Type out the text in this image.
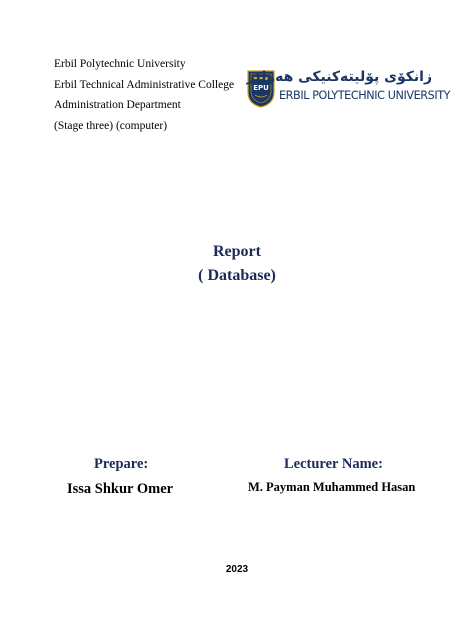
Erbil Polytechnic University
Erbil Technical Administrative College
Administration Department
(Stage three) (computer)
EPU
زانكۆی پۆلیتەكنیكی هەولێر
ERBIL POLYTECHNIC UNIVERSITY
Report
( Database)
Prepare:
Issa Shkur Omer
Lecturer Name:
M. Payman Muhammed Hasan
2023
